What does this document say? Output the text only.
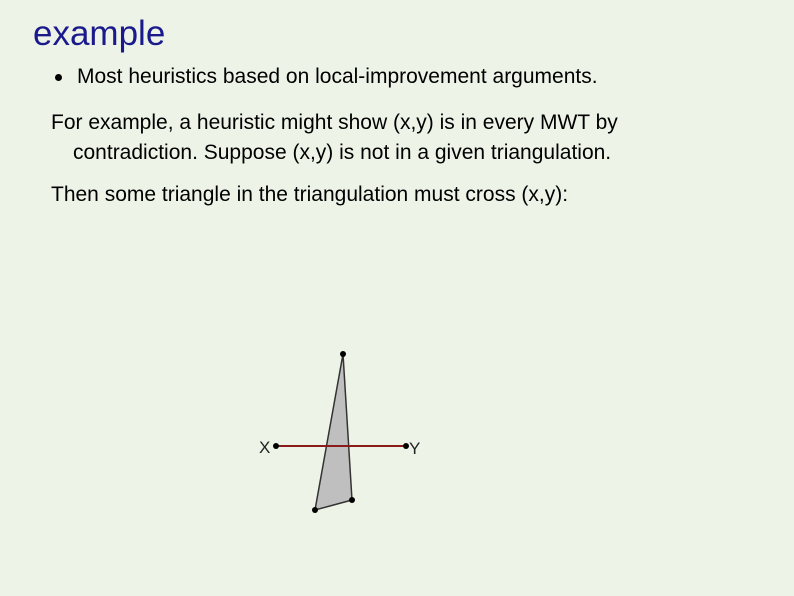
example
Most heuristics based on local-improvement arguments.
For example, a heuristic might show (x,y) is in every MWT by
contradiction. Suppose (x,y) is not in a given triangulation.
Then some triangle in the triangulation must cross (x,y):
X	Y
